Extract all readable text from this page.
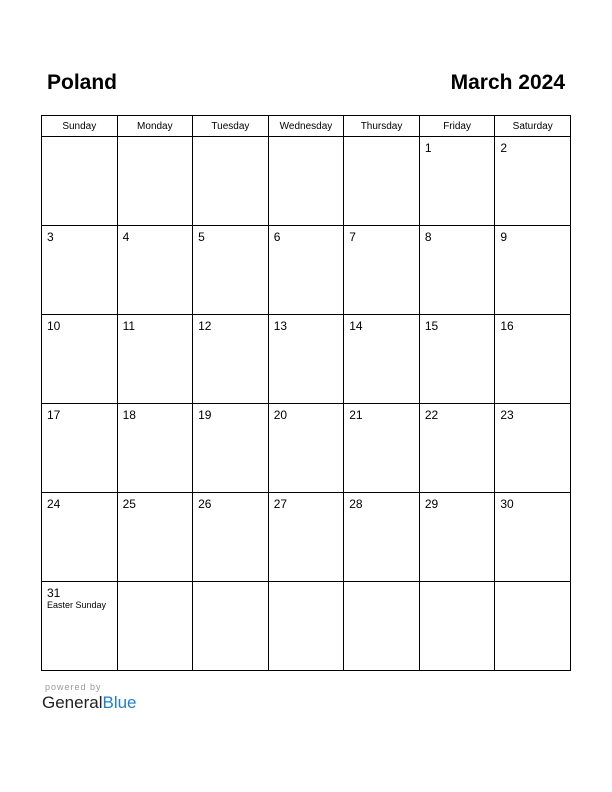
Poland	March 2024
Sunday	Monday	Tuesday	Wednesday	Thursday	Friday	Saturday

					1	2

3	4	5	6	7	8	9

10	11	12	13	14	15	16

17	18	19	20	21	22	23

24	25	26	27	28	29	30

31
Easter Sunday						

powered by
GeneralBlue
